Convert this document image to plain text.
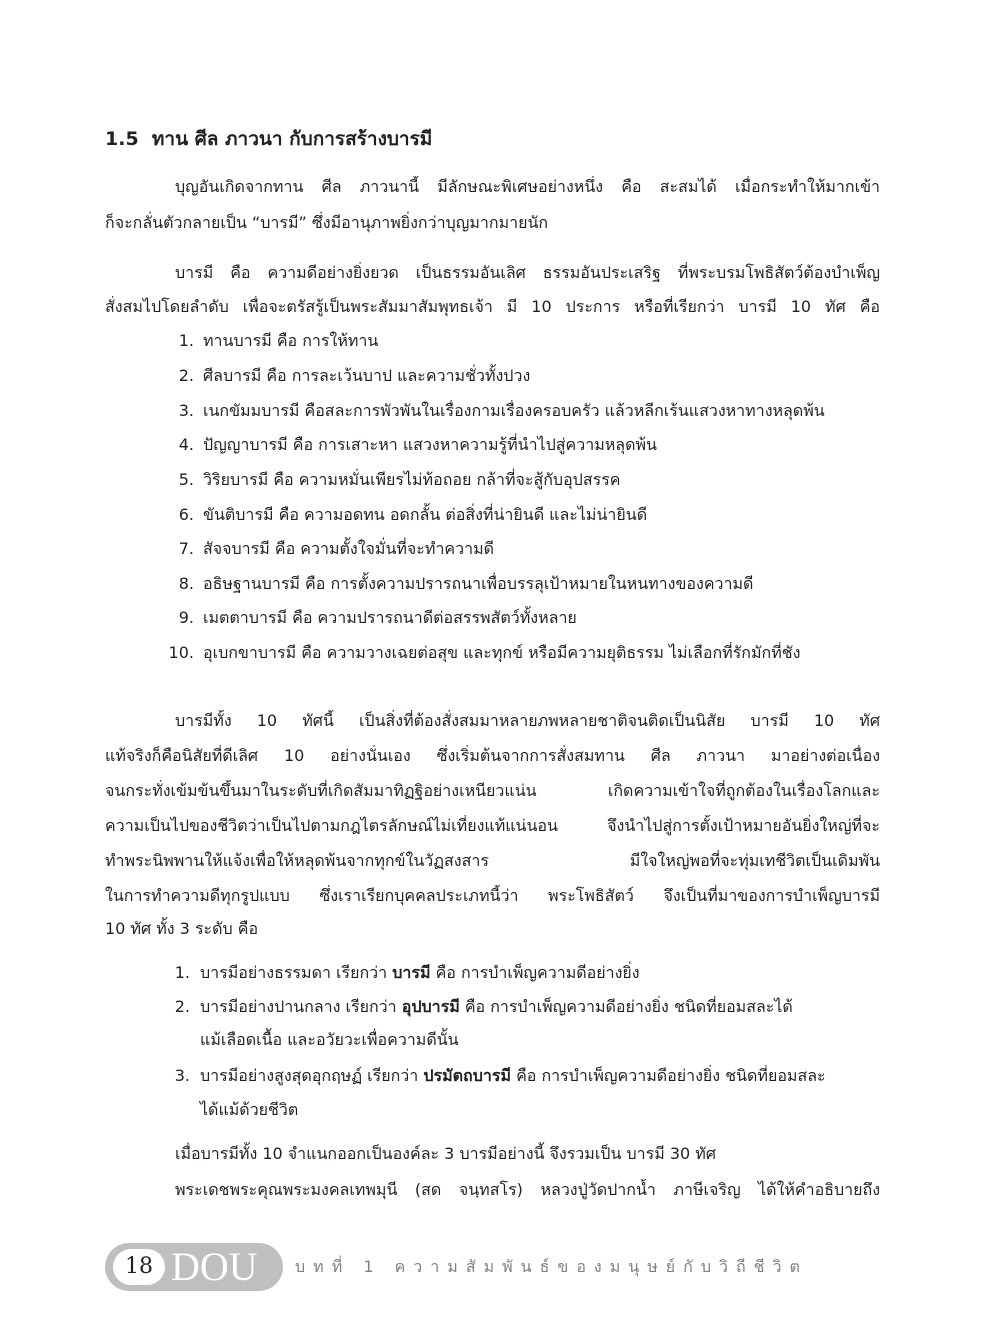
1.5 ทาน ศีล ภาวนา กับการสร้างบารมี

บุญอันเกิดจากทาน ศีล ภาวนานี้ มีลักษณะพิเศษอย่างหนึ่ง คือ สะสมได้ เมื่อกระทำให้มากเข้า

ก็จะกลั่นตัวกลายเป็น “บารมี” ซึ่งมีอานุภาพยิ่งกว่าบุญมากมายนัก

บารมี คือ ความดีอย่างยิ่งยวด เป็นธรรมอันเลิศ ธรรมอันประเสริฐ ที่พระบรมโพธิสัตว์ต้องบำเพ็ญ

สั่งสมไปโดยลำดับ เพื่อจะตรัสรู้เป็นพระสัมมาสัมพุทธเจ้า มี 10 ประการ หรือที่เรียกว่า บารมี 10 ทัศ คือ

1. ทานบารมี คือ การให้ทาน
2. ศีลบารมี คือ การละเว้นบาป และความชั่วทั้งปวง
3. เนกขัมมบารมี คือสละการพัวพันในเรื่องกามเรื่องครอบครัว แล้วหลีกเร้นแสวงหาทางหลุดพ้น
4. ปัญญาบารมี คือ การเสาะหา แสวงหาความรู้ที่นำไปสู่ความหลุดพ้น
5. วิริยบารมี คือ ความหมั่นเพียรไม่ท้อถอย กล้าที่จะสู้กับอุปสรรค
6. ขันติบารมี คือ ความอดทน อดกลั้น ต่อสิ่งที่น่ายินดี และไม่น่ายินดี
7. สัจจบารมี คือ ความตั้งใจมั่นที่จะทำความดี
8. อธิษฐานบารมี คือ การตั้งความปรารถนาเพื่อบรรลุเป้าหมายในหนทางของความดี
9. เมตตาบารมี คือ ความปรารถนาดีต่อสรรพสัตว์ทั้งหลาย
10. อุเบกขาบารมี คือ ความวางเฉยต่อสุข และทุกข์ หรือมีความยุติธรรม ไม่เลือกที่รักมักที่ชัง

บารมีทั้ง 10 ทัศนี้ เป็นสิ่งที่ต้องสั่งสมมาหลายภพหลายชาติจนติดเป็นนิสัย บารมี 10 ทัศ

แท้จริงก็คือนิสัยที่ดีเลิศ 10 อย่างนั่นเอง ซึ่งเริ่มต้นจากการสั่งสมทาน ศีล ภาวนา มาอย่างต่อเนื่อง

จนกระทั่งเข้มข้นขึ้นมาในระดับที่เกิดสัมมาทิฏฐิอย่างเหนียวแน่น เกิดความเข้าใจที่ถูกต้องในเรื่องโลกและ

ความเป็นไปของชีวิตว่าเป็นไปตามกฎไตรลักษณ์ไม่เที่ยงแท้แน่นอน จึงนำไปสู่การตั้งเป้าหมายอันยิ่งใหญ่ที่จะ

ทำพระนิพพานให้แจ้งเพื่อให้หลุดพ้นจากทุกข์ในวัฏสงสาร มีใจใหญ่พอที่จะทุ่มเทชีวิตเป็นเดิมพัน

ในการทำความดีทุกรูปแบบ ซึ่งเราเรียกบุคคลประเภทนี้ว่า พระโพธิสัตว์ จึงเป็นที่มาของการบำเพ็ญบารมี

10 ทัศ ทั้ง 3 ระดับ คือ

1. บารมีอย่างธรรมดา เรียกว่า บารมี คือ การบำเพ็ญความดีอย่างยิ่ง
2. บารมีอย่างปานกลาง เรียกว่า อุปบารมี คือ การบำเพ็ญความดีอย่างยิ่ง ชนิดที่ยอมสละได้
แม้เลือดเนื้อ และอวัยวะเพื่อความดีนั้น
3. บารมีอย่างสูงสุดอุกฤษฏ์ เรียกว่า ปรมัตถบารมี คือ การบำเพ็ญความดีอย่างยิ่ง ชนิดที่ยอมสละ
ได้แม้ด้วยชีวิต

เมื่อบารมีทั้ง 10 จำแนกออกเป็นองค์ละ 3 บารมีอย่างนี้ จึงรวมเป็น บารมี 30 ทัศ

พระเดชพระคุณพระมงคลเทพมุนี (สด จนฺทสโร) หลวงปู่วัดปากน้ำ ภาษีเจริญ ได้ให้คำอธิบายถึง

18 DOU บทที่ 1 ความสัมพันธ์ของมนุษย์กับวิถีชีวิต
